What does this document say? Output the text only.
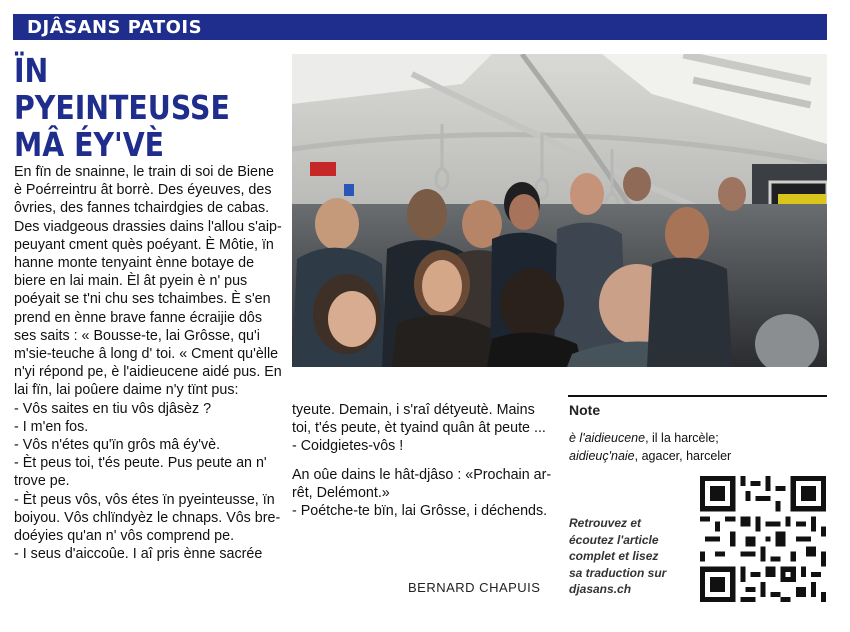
DJÂSANS PATOIS
ÏN PYEINTEUSSE
MÂ ÉY'VÈ

En fïn de snainne, le train di soi de Biene è Poérreintru ât borrè. Des éyeuves, des ôvries, des fannes tchairdgies de cabas. Des viadgeous drassies dains l'allou s'aip-peuyant cment quès poéyant. È Môtie, ïn hanne monte tenyaint ènne botaye de biere en lai main. Èl ât pyein è n' pus poéyait se t'ni chu ses tchaimbes. È s'en prend en ènne brave fanne écraijie dôs ses saits : « Bousse-te, lai Grôsse, qu'i m'sie-teuche â long d' toi. « Cment qu'èlle n'yi répond pe, è l'aidieucene aidé pus. En lai fïn, lai poûere daime n'y tïnt pus:
- Vôs saites en tiu vôs djâsèz ?
- I m'en fos.
- Vôs n'étes qu'ïn grôs mâ éy'vè.
- Èt peus toi, t'és peute. Pus peute an n' trove pe.
- Èt peus vôs, vôs étes ïn pyeinteusse, ïn boiyou. Vôs chlïndyèz le chnaps. Vôs bre-doéyies qu'an n' vôs comprend pe.
- I seus d'aiccoûe. I aî pris ènne sacrée

tyeute. Demain, i s'raî détyeutè. Mains toi, t'és peute, èt tyaind quân ât peute ...
- Coidgietes-vôs !

An oûe dains le hât-djâso : «Prochain ar-rêt, Delémont.»
- Poétche-te bïn, lai Grôsse, i déchends.

BERNARD CHAPUIS
Note
è l'aidieucene, il la harcèle;
aidieuç'naie, agacer, harceler
Retrouvez et
écoutez l'article
complet et lisez
sa traduction sur
djasans.ch
